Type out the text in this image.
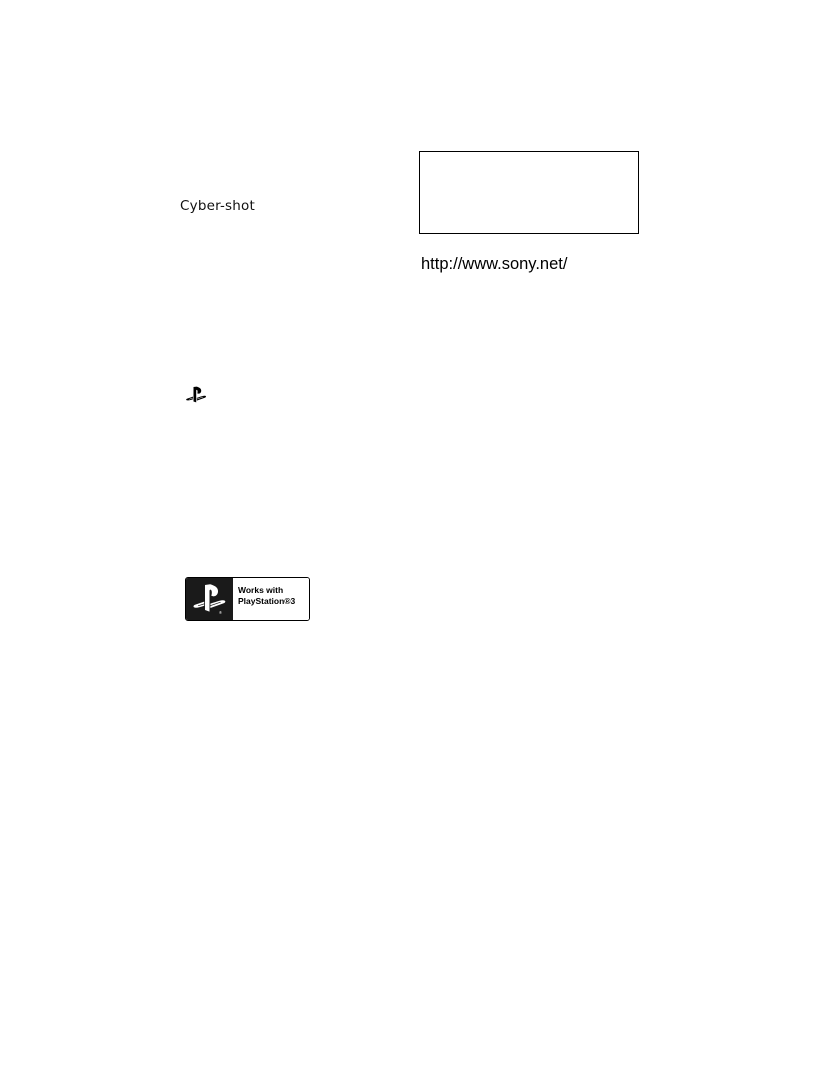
Cyber-shot
http://www.sony.net/
®
Works with
PlayStation®3
